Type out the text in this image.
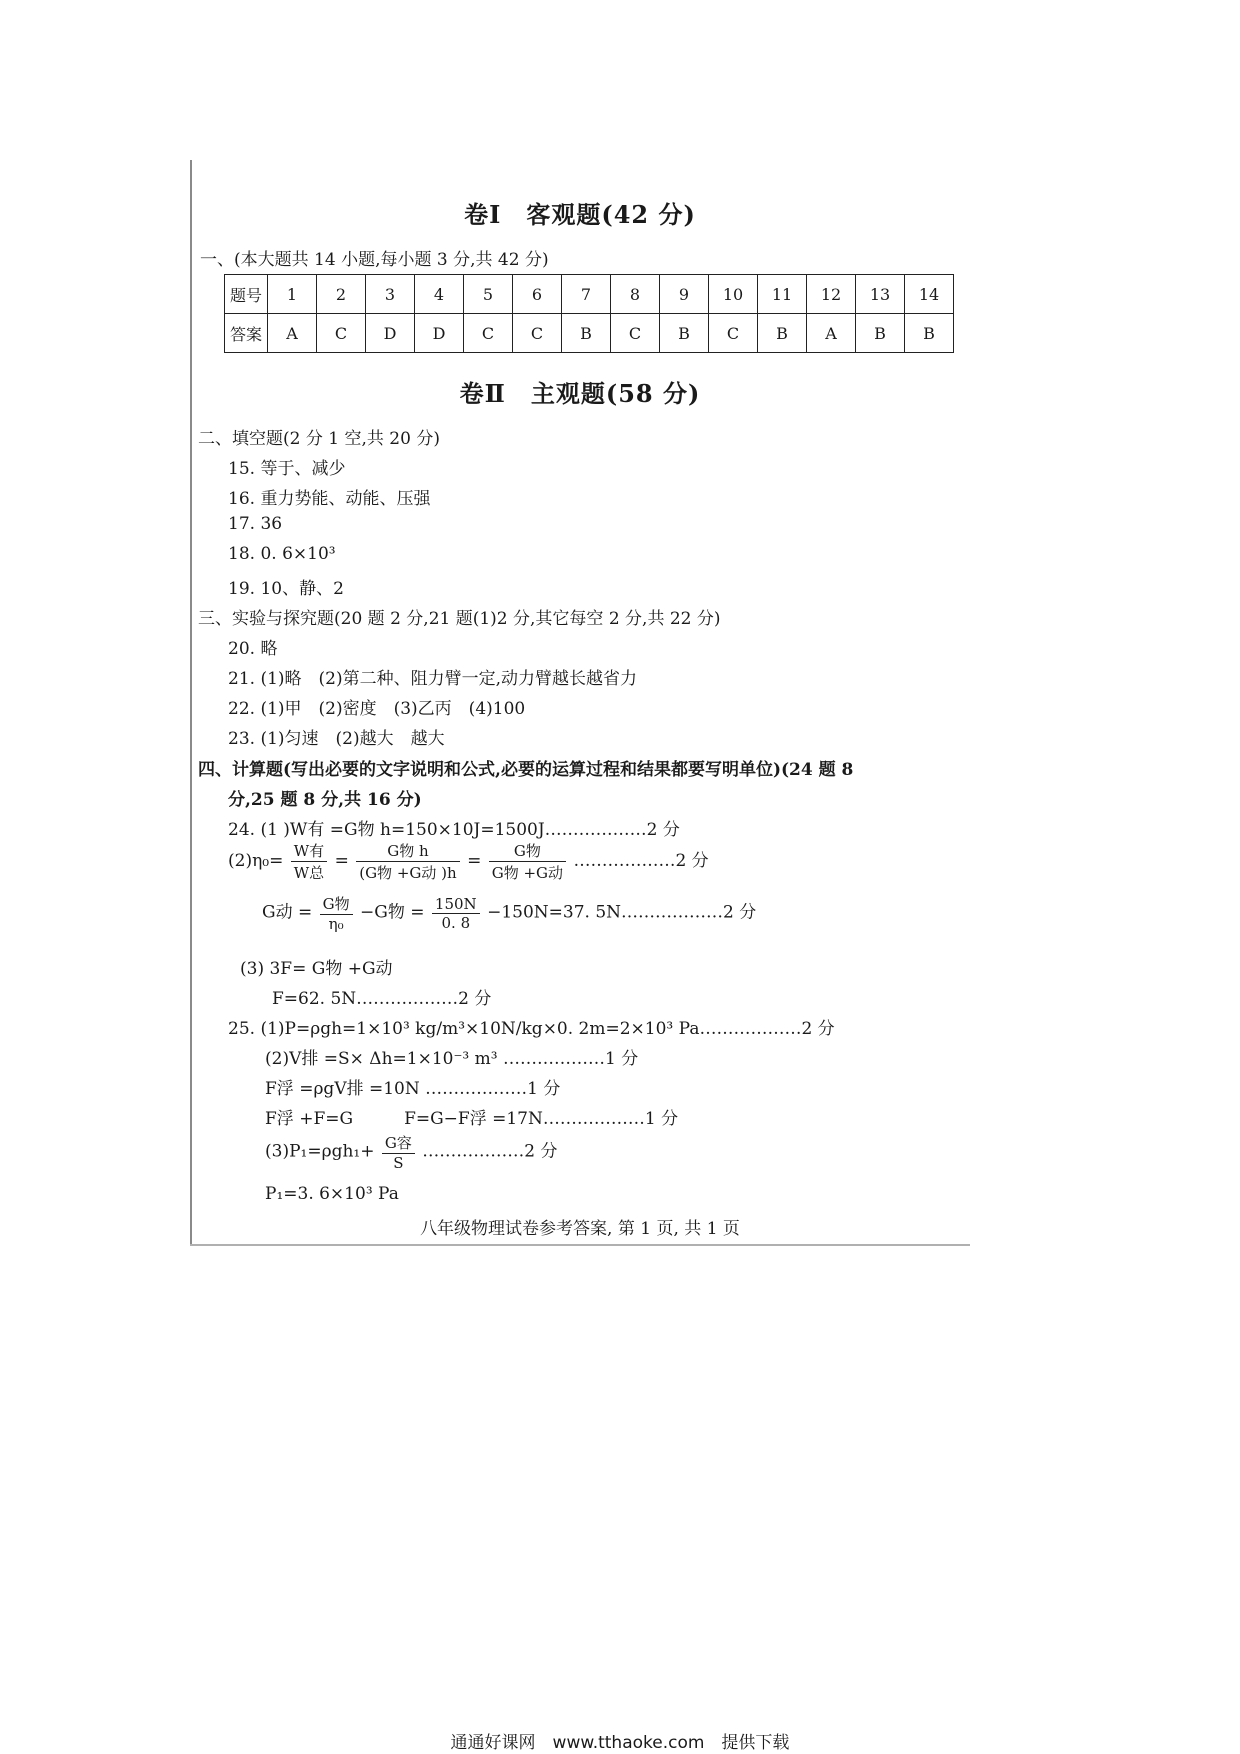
卷Ⅰ　客观题(42 分)
一、(本大题共 14 小题,每小题 3 分,共 42 分)
题号	1	2	3	4	5	6	7	8	9	10	11	12	13	14
答案	A	C	D	D	C	C	B	C	B	C	B	A	B	B
卷Ⅱ　主观题(58 分)
二、填空题(2 分 1 空,共 20 分)
15. 等于、减少
16. 重力势能、动能、压强
17. 36
18. 0. 6×10³
19. 10、静、2
三、实验与探究题(20 题 2 分,21 题(1)2 分,其它每空 2 分,共 22 分)
20. 略
21. (1)略　(2)第二种、阻力臂一定,动力臂越长越省力
22. (1)甲　(2)密度　(3)乙丙　(4)100
23. (1)匀速　(2)越大　越大
四、计算题(写出必要的文字说明和公式,必要的运算过程和结果都要写明单位)(24 题 8
分,25 题 8 分,共 16 分)
24. (1 )W有 =G物 h=150×10J=1500J………………2 分
$(2)\eta_0= \frac{\text{W有}}{\text{W总}} = \frac{\text{G物 h}}{\text{(G物 +G动 )h}} = \frac{\text{G物}}{\text{G物 +G动}}$ ………………2 分
G动 = $\frac{\text{G物}}{\text{η₀}} -G$物 = $\frac{150N}{0. 8} -150N=37$. 5N………………2 分
(3) 3F= G物 +G动
F=62. 5N………………2 分
25. (1)P=ρgh=1×10³ kg/m³×10N/kg×0. 2m=2×10³ Pa………………2 分
(2)V排 =S× Δh=1×10⁻³ m³ ………………1 分
F浮 =ρgV排 =10N ………………1 分
F浮 +F=G　　　F=G−F浮 =17N………………1 分
$(3)P_1=\rho gh_1+ \frac{\text{G容}}{S}$ ………………2 分
P₁=3. 6×10³ Pa
八年级物理试卷参考答案, 第 1 页, 共 1 页
通通好课网　www.tthaoke.com　提供下载
